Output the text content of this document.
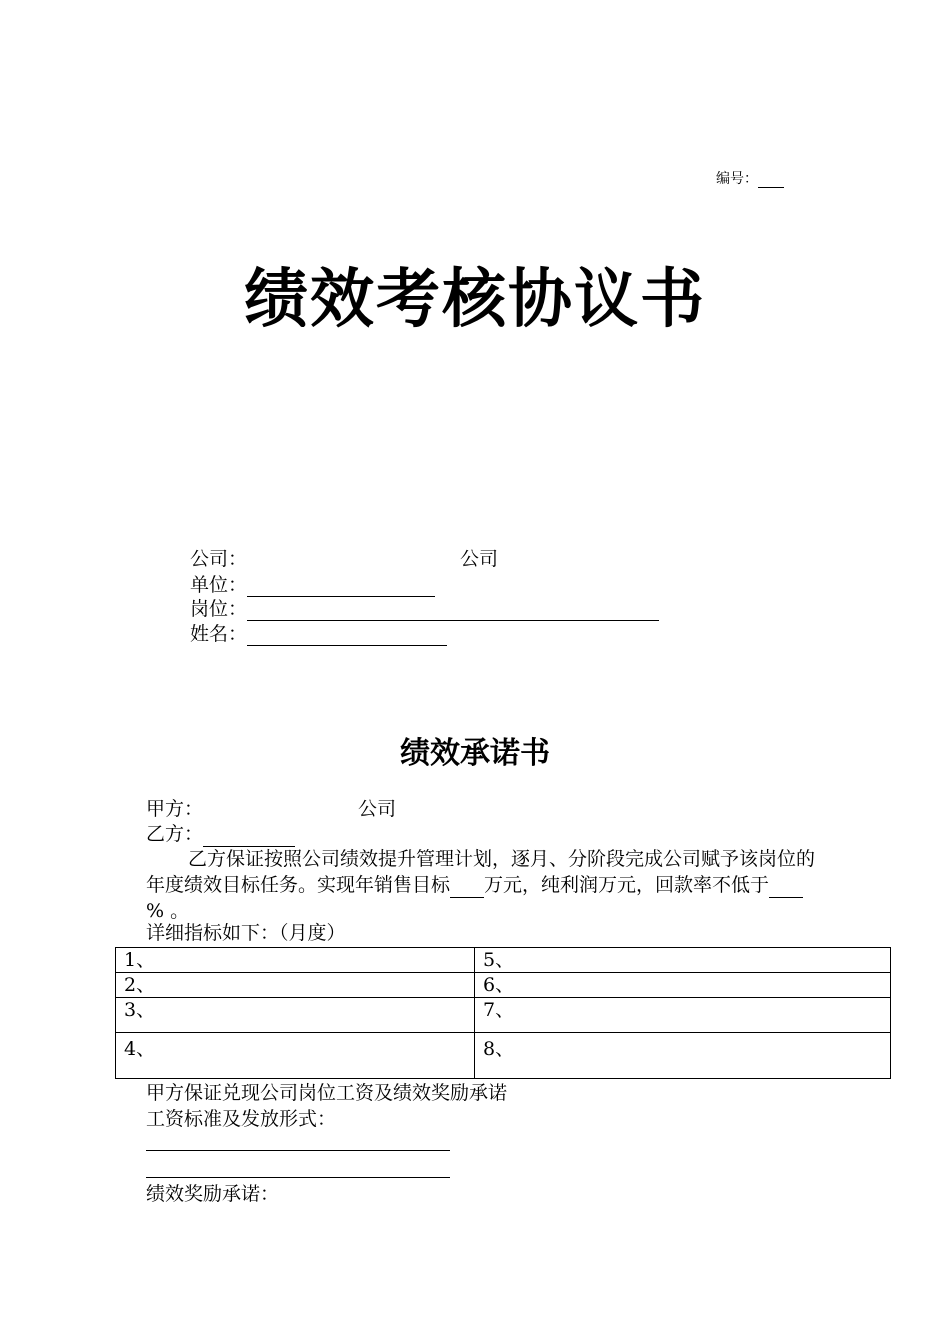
编号：
绩效考核协议书
公司：	公司
单位：
岗位：
姓名：
绩效承诺书
甲方：	公司
乙方：
乙方保证按照公司绩效提升管理计划，逐月、分阶段完成公司赋予该岗位的年度绩效目标任务。实现年销售目标 万元，纯利润万元，回款率不低于% 。
详细指标如下：（月度）
1、	5、
2、	6、
3、	7、
4、	8、
甲方保证兑现公司岗位工资及绩效奖励承诺
工资标准及发放形式：
绩效奖励承诺：
